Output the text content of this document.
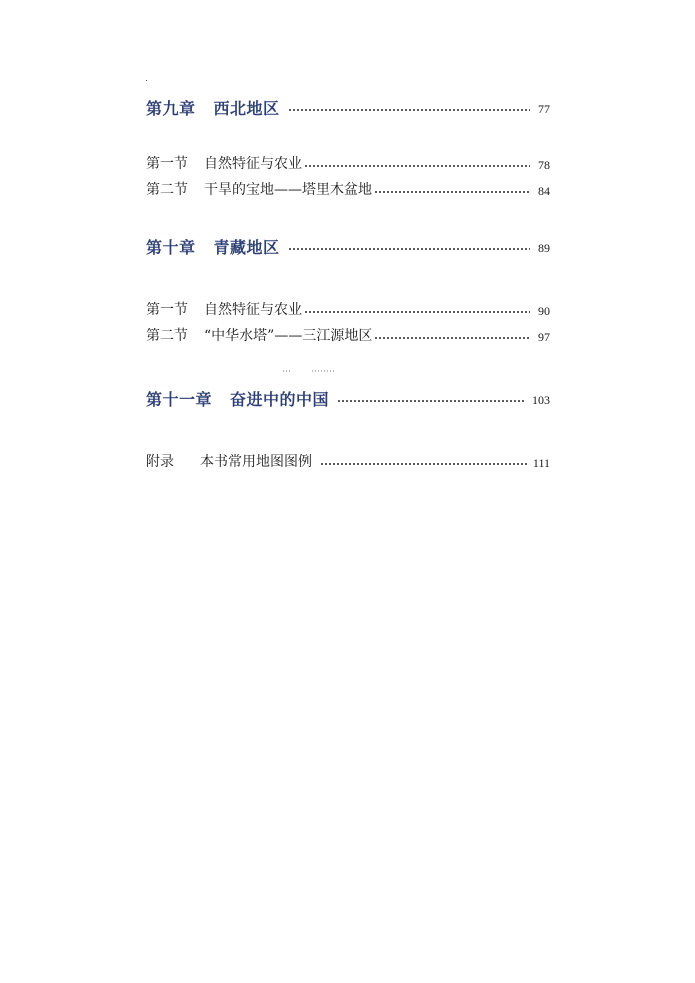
第九章 西北地区	77
第一节 自然特征与农业	78
第二节 干旱的宝地——塔里木盆地	84
第十章 青藏地区	89
第一节 自然特征与农业	90
第二节 “中华水塔”——三江源地区	97
第十一章 奋进中的中国	103
附录 本书常用地图图例	111
